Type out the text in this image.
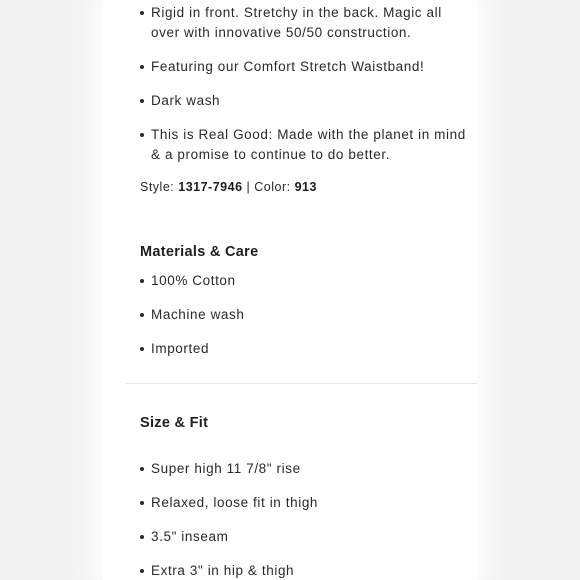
Rigid in front. Stretchy in the back. Magic all over with innovative 50/50 construction.
Featuring our Comfort Stretch Waistband!
Dark wash
This is Real Good: Made with the planet in mind & a promise to continue to do better.
Style: 1317-7946 | Color: 913
Materials & Care
100% Cotton
Machine wash
Imported
Size & Fit
Super high 11 7/8" rise
Relaxed, loose fit in thigh
3.5" inseam
Extra 3" in hip & thigh
